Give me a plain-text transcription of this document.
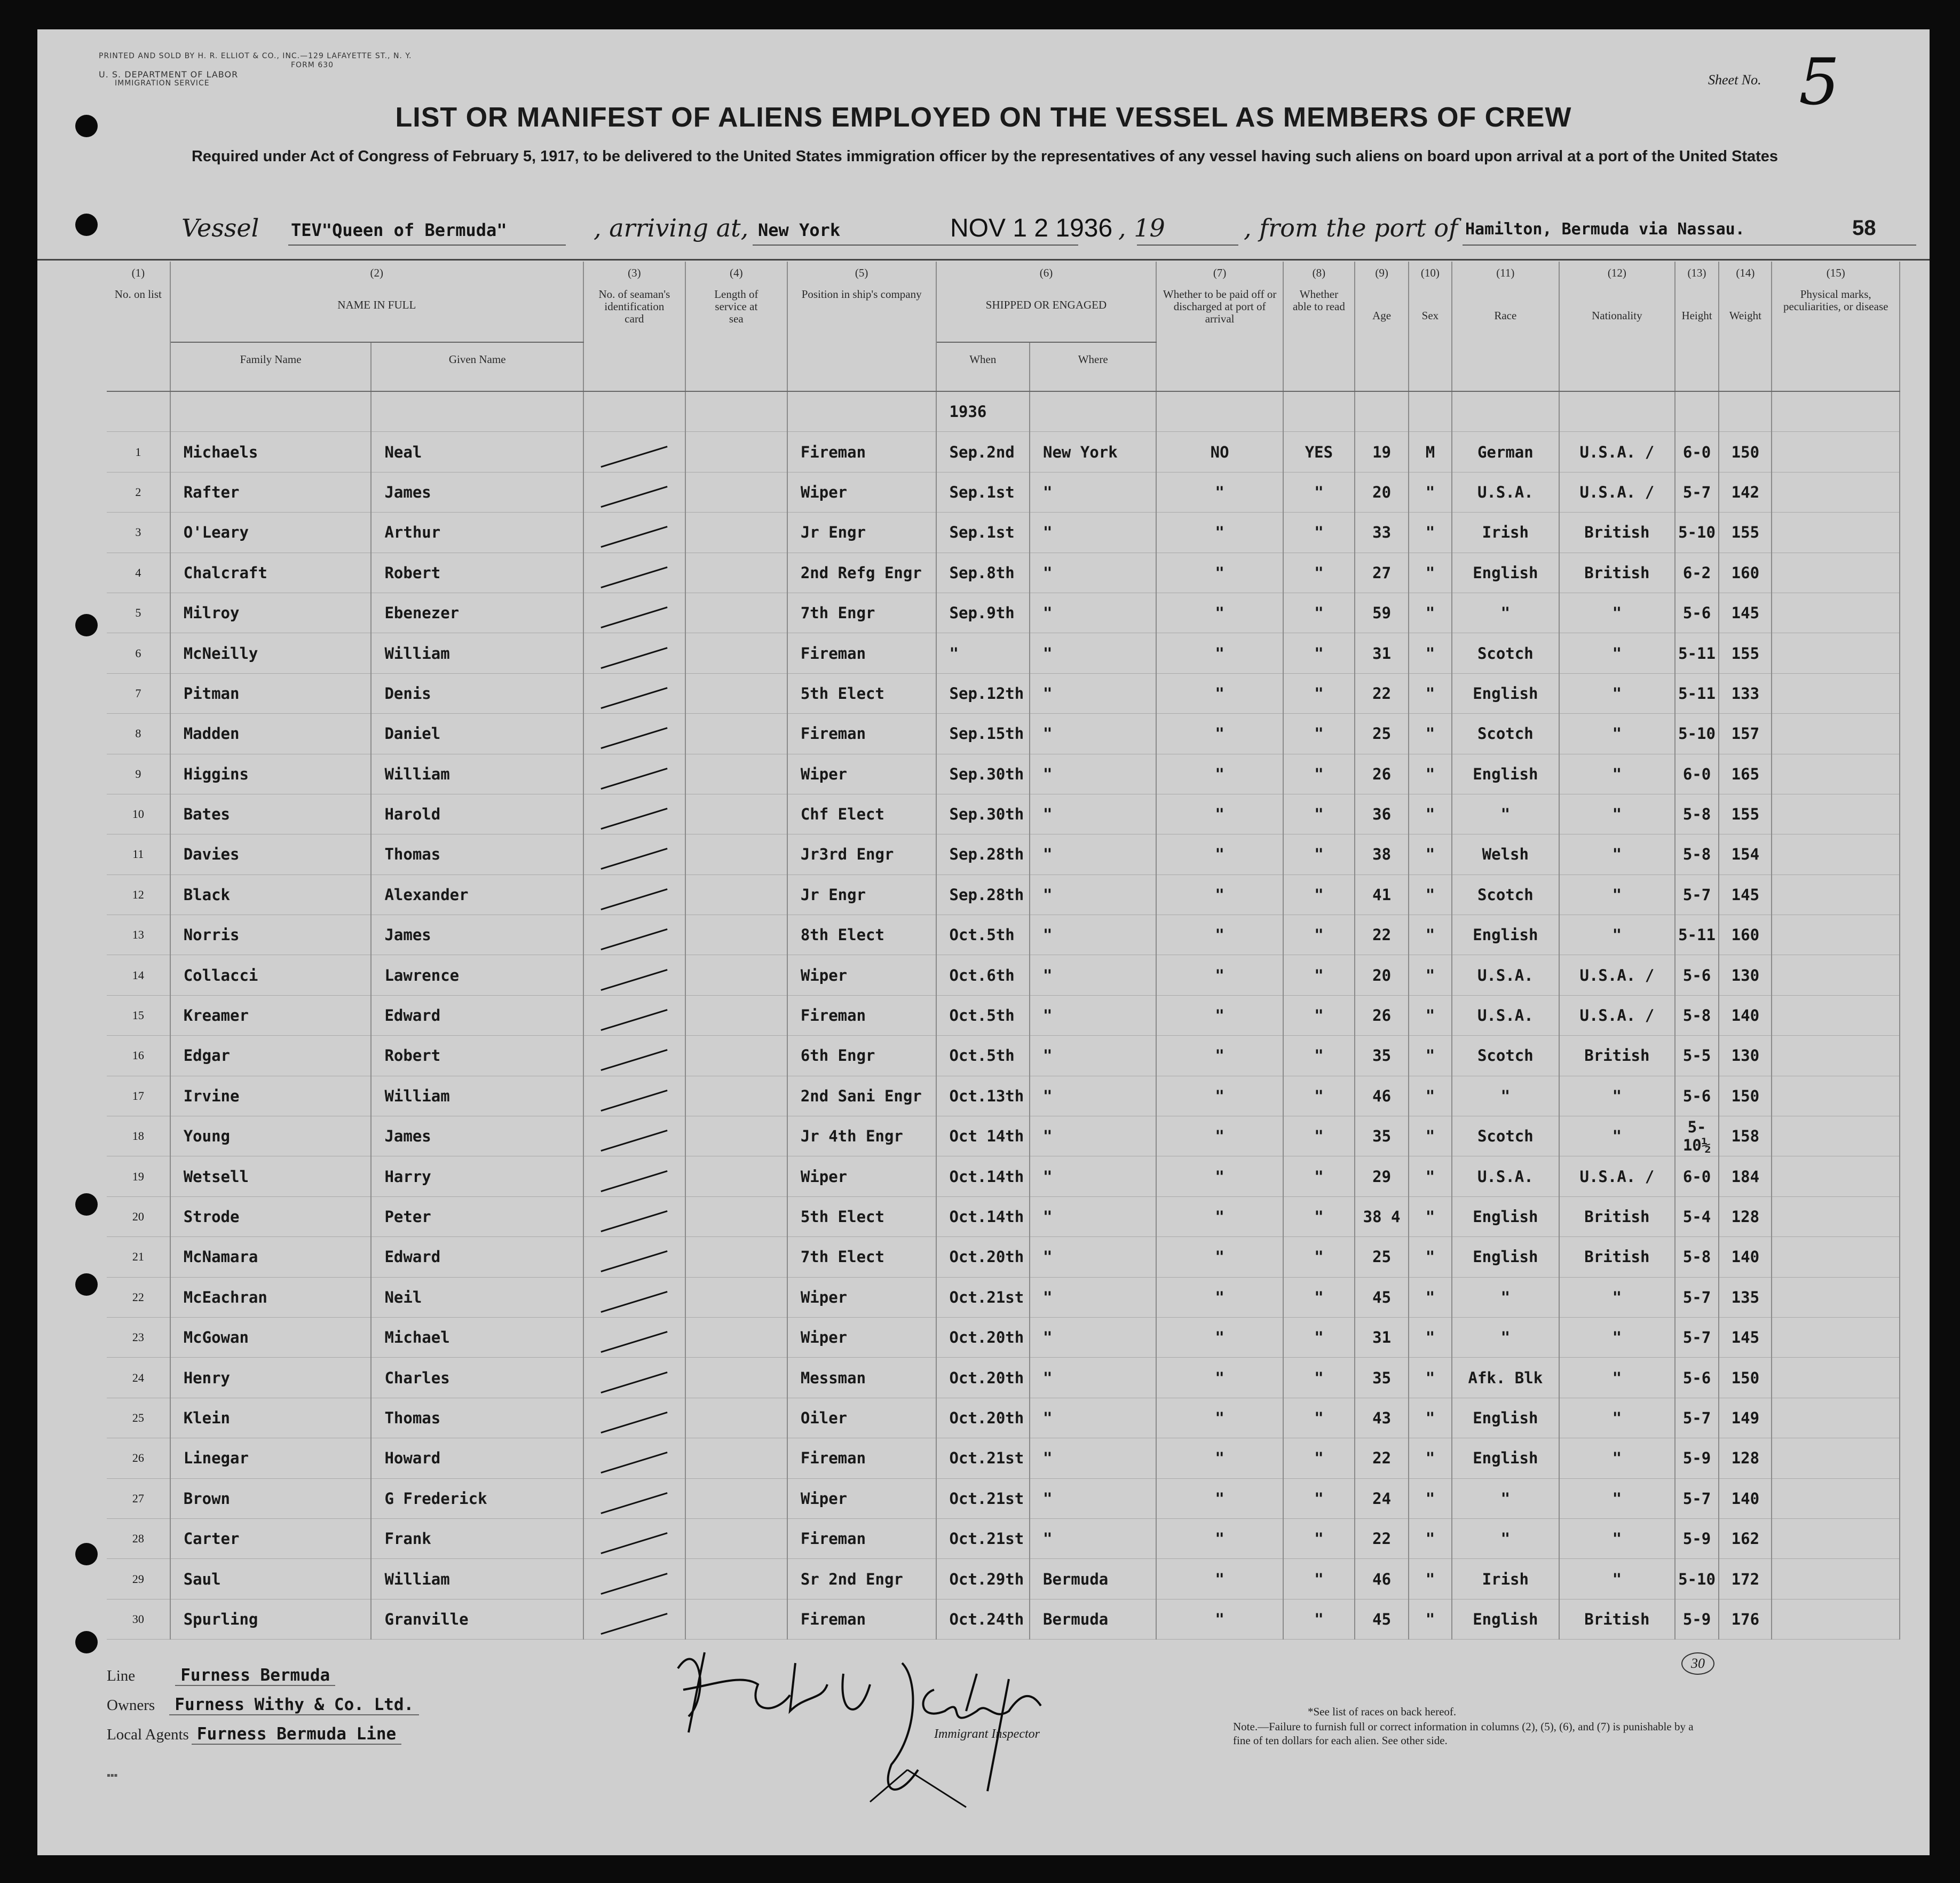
PRINTED AND SOLD BY H. R. ELLIOT & CO., INC.—129 LAFAYETTE ST., N. Y.
FORM 630
U. S. DEPARTMENT OF LABOR
IMMIGRATION SERVICE	Sheet No. 5
LIST OR MANIFEST OF ALIENS EMPLOYED ON THE VESSEL AS MEMBERS OF CREW
Required under Act of Congress of February 5, 1917, to be delivered to the United States immigration officer by the representatives of any vessel having such aliens on board upon arrival at a port of the United States
Vessel TEV"Queen of Bermuda"	, arriving at, New York	NOV 1 2 1936 , 19	, from the port of Hamilton, Bermuda via Nassau.	58
(1)	(2)		(3)	(4)	(5)	(6)		(7)	(8)	(9)	(10)	(11)	(12)	(13)	(14)	(15)
No. on list	NAME IN FULL		No. of seaman's identification card	Length of service at sea	Position in ship's company	SHIPPED OR ENGAGED		Whether to be paid off or discharged at port of arrival	Whether able to read	Age	Sex	Race	Nationality	Height	Weight	Physical marks, peculiarities, or disease
	Family Name	Given Name				When	Where									
						1936										
1	Michaels	Neal			Fireman	Sep.2nd	New York	NO	YES	19	M	German	U.S.A. /	6-0	150	
2	Rafter	James			Wiper	Sep.1st	"	"	"	20	"	U.S.A.	U.S.A. /	5-7	142	
3	O'Leary	Arthur			Jr Engr	Sep.1st	"	"	"	33	"	Irish	British	5-10	155	
4	Chalcraft	Robert			2nd Refg Engr	Sep.8th	"	"	"	27	"	English	British	6-2	160	
5	Milroy	Ebenezer			7th Engr	Sep.9th	"	"	"	59	"	"	"	5-6	145	
6	McNeilly	William			Fireman	"	"	"	"	31	"	Scotch	"	5-11	155	
7	Pitman	Denis			5th Elect	Sep.12th	"	"	"	22	"	English	"	5-11	133	
8	Madden	Daniel			Fireman	Sep.15th	"	"	"	25	"	Scotch	"	5-10	157	
9	Higgins	William			Wiper	Sep.30th	"	"	"	26	"	English	"	6-0	165	
10	Bates	Harold			Chf Elect	Sep.30th	"	"	"	36	"	"	"	5-8	155	
11	Davies	Thomas			Jr3rd Engr	Sep.28th	"	"	"	38	"	Welsh	"	5-8	154	
12	Black	Alexander			Jr Engr	Sep.28th	"	"	"	41	"	Scotch	"	5-7	145	
13	Norris	James			8th Elect	Oct.5th	"	"	"	22	"	English	"	5-11	160	
14	Collacci	Lawrence			Wiper	Oct.6th	"	"	"	20	"	U.S.A.	U.S.A. /	5-6	130	
15	Kreamer	Edward			Fireman	Oct.5th	"	"	"	26	"	U.S.A.	U.S.A. /	5-8	140	
16	Edgar	Robert			6th Engr	Oct.5th	"	"	"	35	"	Scotch	British	5-5	130	
17	Irvine	William			2nd Sani Engr	Oct.13th	"	"	"	46	"	"	"	5-6	150	
18	Young	James			Jr 4th Engr	Oct 14th	"	"	"	35	"	Scotch	"	5-10½	158	
19	Wetsell	Harry			Wiper	Oct.14th	"	"	"	29	"	U.S.A.	U.S.A. /	6-0	184	
20	Strode	Peter			5th Elect	Oct.14th	"	"	"	38 4	"	English	British	5-4	128	
21	McNamara	Edward			7th Elect	Oct.20th	"	"	"	25	"	English	British	5-8	140	
22	McEachran	Neil			Wiper	Oct.21st	"	"	"	45	"	"	"	5-7	135	
23	McGowan	Michael			Wiper	Oct.20th	"	"	"	31	"	"	"	5-7	145	
24	Henry	Charles			Messman	Oct.20th	"	"	"	35	"	Afk. Blk	"	5-6	150	
25	Klein	Thomas			Oiler	Oct.20th	"	"	"	43	"	English	"	5-7	149	
26	Linegar	Howard			Fireman	Oct.21st	"	"	"	22	"	English	"	5-9	128	
27	Brown	G Frederick			Wiper	Oct.21st	"	"	"	24	"	"	"	5-7	140	
28	Carter	Frank			Fireman	Oct.21st	"	"	"	22	"	"	"	5-9	162	
29	Saul	William			Sr 2nd Engr	Oct.29th	Bermuda	"	"	46	"	Irish	"	5-10	172	
30	Spurling	Granville			Fireman	Oct.24th	Bermuda	"	"	45	"	English	British	5-9	176	
Line	Furness Bermuda
Owners Furness Withy & Co. Ltd.
Local Agents Furness Bermuda Line	Immigrant Inspector
30
*See list of races on back hereof.
Note.—Failure to furnish full or correct information in columns (2), (5), (6), and (7) is punishable by a fine of ten dollars for each alien. See other side.
▪▪▪
